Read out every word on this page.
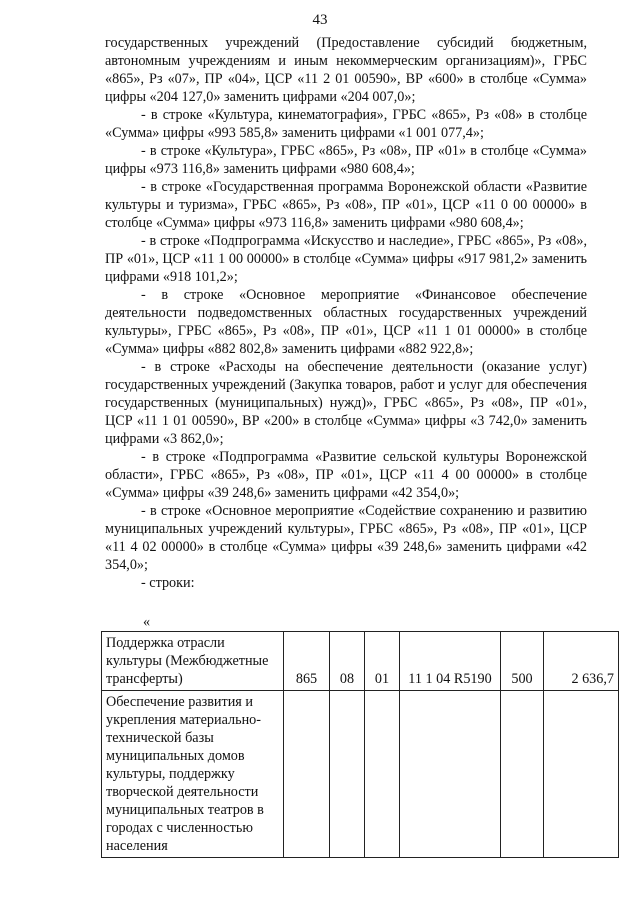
43

государственных учреждений (Предоставление субсидий бюджетным, автономным учреждениям и иным некоммерческим организациям)», ГРБС «865», Рз «07», ПР «04», ЦСР «11 2 01 00590», ВР «600» в столбце «Сумма» цифры «204 127,0» заменить цифрами «204 007,0»;

- в строке «Культура, кинематография», ГРБС «865», Рз «08» в столбце «Сумма» цифры «993 585,8» заменить цифрами «1 001 077,4»;

- в строке «Культура», ГРБС «865», Рз «08», ПР «01» в столбце «Сумма» цифры «973 116,8» заменить цифрами «980 608,4»;

- в строке «Государственная программа Воронежской области «Развитие культуры и туризма», ГРБС «865», Рз «08», ПР «01», ЦСР «11 0 00 00000» в столбце «Сумма» цифры «973 116,8» заменить цифрами «980 608,4»;

- в строке «Подпрограмма «Искусство и наследие», ГРБС «865», Рз «08», ПР «01», ЦСР «11 1 00 00000» в столбце «Сумма» цифры «917 981,2» заменить цифрами «918 101,2»;

- в строке «Основное мероприятие «Финансовое обеспечение деятельности подведомственных областных государственных учреждений культуры», ГРБС «865», Рз «08», ПР «01», ЦСР «11 1 01 00000» в столбце «Сумма» цифры «882 802,8» заменить цифрами «882 922,8»;

- в строке «Расходы на обеспечение деятельности (оказание услуг) государственных учреждений (Закупка товаров, работ и услуг для обеспечения государственных (муниципальных) нужд)», ГРБС «865», Рз «08», ПР «01», ЦСР «11 1 01 00590», ВР «200» в столбце «Сумма» цифры «3 742,0» заменить цифрами «3 862,0»;

- в строке «Подпрограмма «Развитие сельской культуры Воронежской области», ГРБС «865», Рз «08», ПР «01», ЦСР «11 4 00 00000» в столбце «Сумма» цифры «39 248,6» заменить цифрами «42 354,0»;

- в строке «Основное мероприятие «Содействие сохранению и развитию муниципальных учреждений культуры», ГРБС «865», Рз «08», ПР «01», ЦСР «11 4 02 00000» в столбце «Сумма» цифры «39 248,6» заменить цифрами «42 354,0»;

- строки:

«
Поддержка отрасли культуры (Межбюджетные трансферты)	865	08	01	11 1 04 R5190	500	2 636,7
Обеспечение развития и укрепления материально-технической базы муниципальных домов культуры, поддержку творческой деятельности муниципальных театров в городах с численностью населения						
